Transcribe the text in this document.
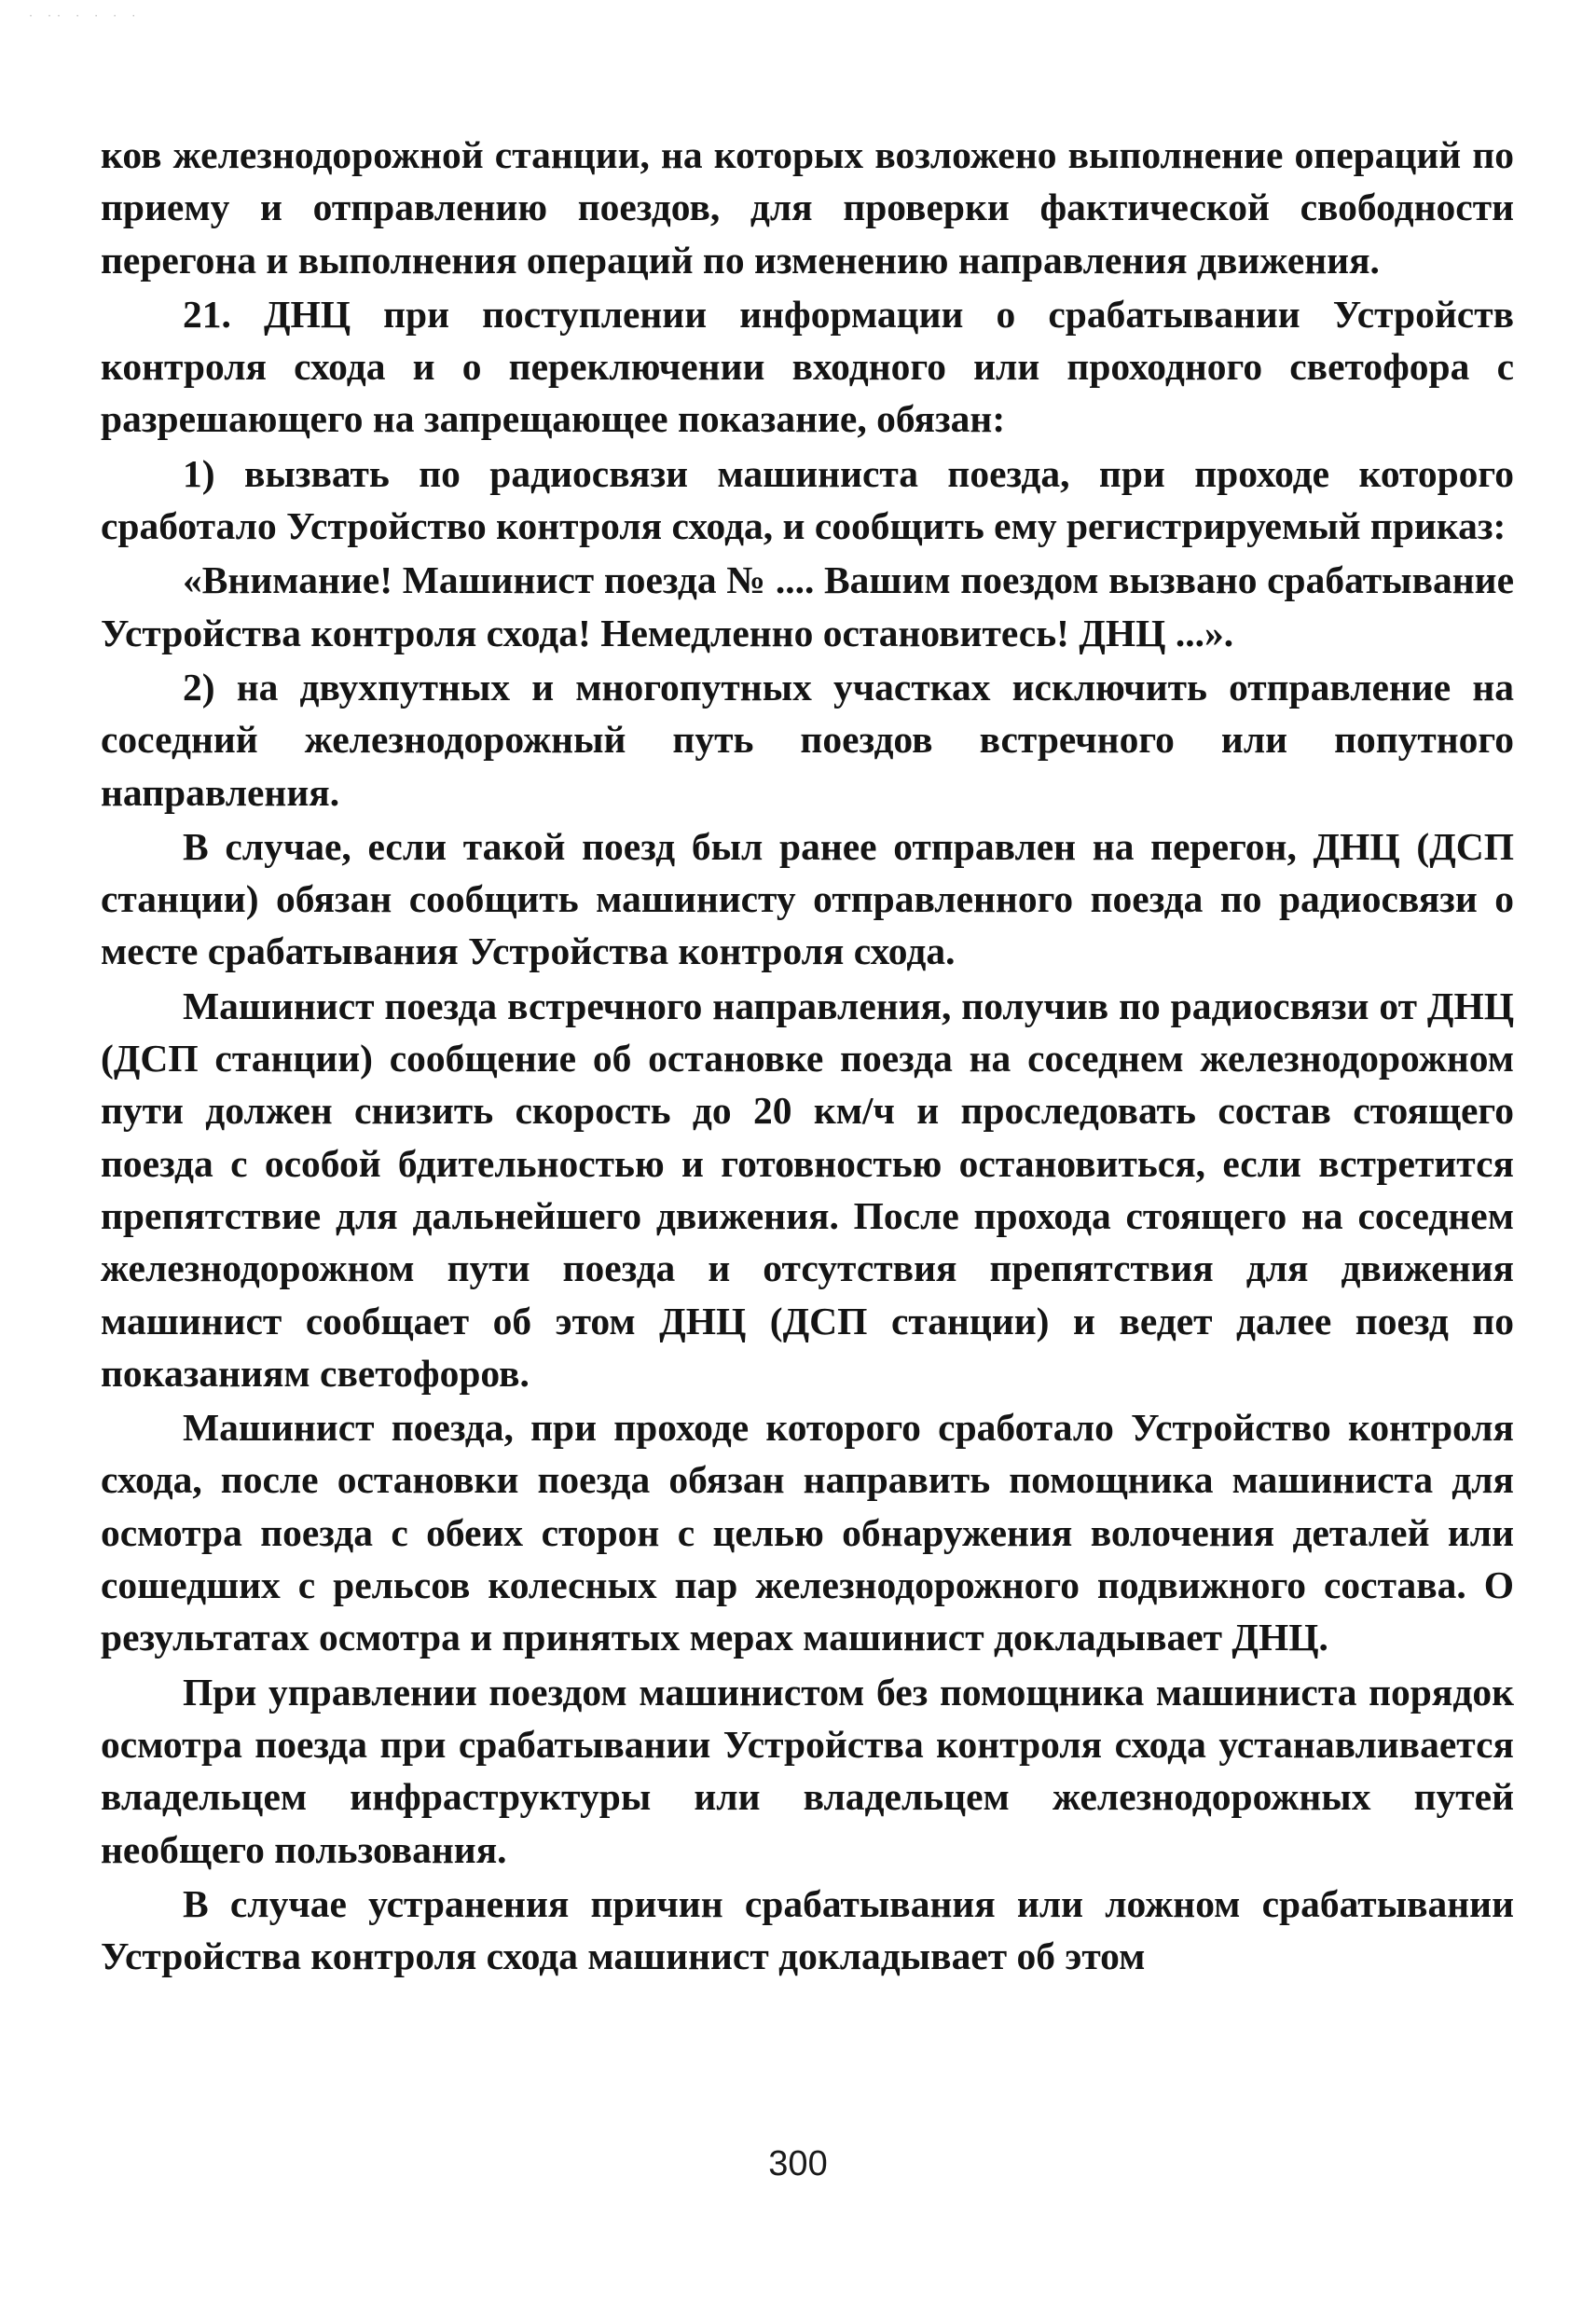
· ·· · · · ·

ков железнодорожной станции, на которых возложено выполнение операций по приему и отправлению поездов, для проверки фактической свободности перегона и выполнения операций по изменению направления движения.

21. ДНЦ при поступлении информации о срабатывании Устройств контроля схода и о переключении входного или проходного светофора с разрешающего на запрещающее показание, обязан:

1) вызвать по радиосвязи машиниста поезда, при проходе которого сработало Устройство контроля схода, и сообщить ему регистрируемый приказ:

«Внимание! Машинист поезда № .... Вашим поездом вызвано срабатывание Устройства контроля схода! Немедленно остановитесь! ДНЦ ...».

2) на двухпутных и многопутных участках исключить отправление на соседний железнодорожный путь поездов встречного или попутного направления.

В случае, если такой поезд был ранее отправлен на перегон, ДНЦ (ДСП станции) обязан сообщить машинисту отправленного поезда по радиосвязи о месте срабатывания Устройства контроля схода.

Машинист поезда встречного направления, получив по радиосвязи от ДНЦ (ДСП станции) сообщение об остановке поезда на соседнем железнодорожном пути должен снизить скорость до 20 км/ч и проследовать состав стоящего поезда с особой бдительностью и готовностью остановиться, если встретится препятствие для дальнейшего движения. После прохода стоящего на соседнем железнодорожном пути поезда и отсутствия препятствия для движения машинист сообщает об этом ДНЦ (ДСП станции) и ведет далее поезд по показаниям светофоров.

Машинист поезда, при проходе которого сработало Устройство контроля схода, после остановки поезда обязан направить помощника машиниста для осмотра поезда с обеих сторон с целью обнаружения волочения деталей или сошедших с рельсов колесных пар железнодорожного подвижного состава. О результатах осмотра и принятых мерах машинист докладывает ДНЦ.

При управлении поездом машинистом без помощника машиниста порядок осмотра поезда при срабатывании Устройства контроля схода устанавливается владельцем инфраструктуры или владельцем железнодорожных путей необщего пользования.

В случае устранения причин срабатывания или ложном срабатывании Устройства контроля схода машинист докладывает об этом

300
